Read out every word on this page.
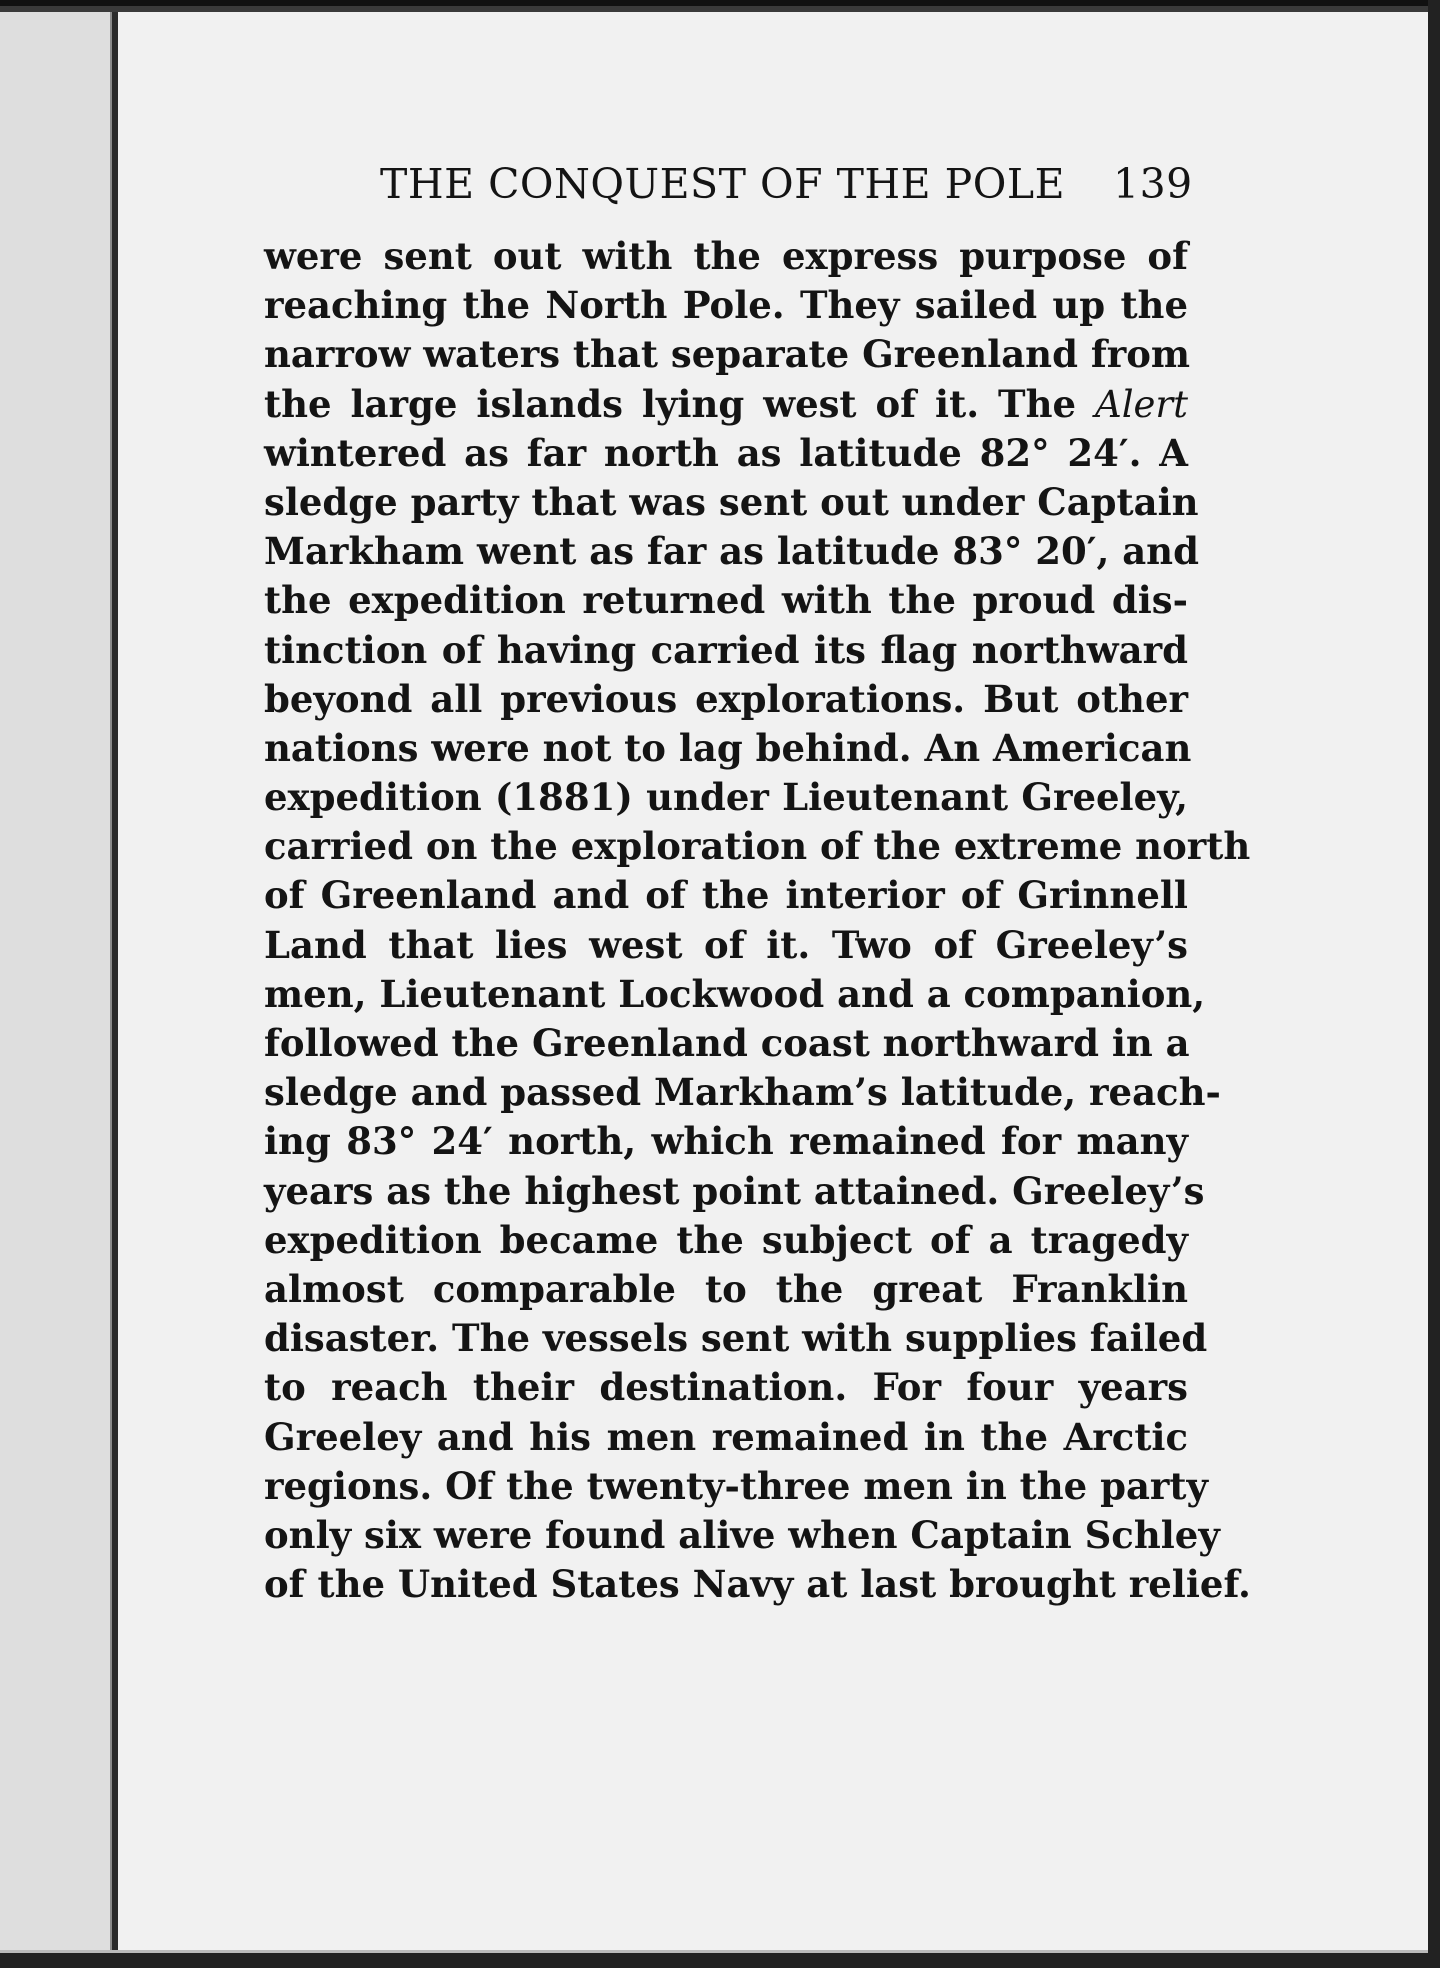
THE CONQUEST OF THE POLE 139
were sent out with the express purpose of
reaching the North Pole. They sailed up the
narrow waters that separate Greenland from
the large islands lying west of it. The Alert
wintered as far north as latitude 82° 24′. A
sledge party that was sent out under Captain
Markham went as far as latitude 83° 20′, and
the expedition returned with the proud dis-
tinction of having carried its flag northward
beyond all previous explorations. But other
nations were not to lag behind. An American
expedition (1881) under Lieutenant Greeley,
carried on the exploration of the extreme north
of Greenland and of the interior of Grinnell
Land that lies west of it. Two of Greeley’s
men, Lieutenant Lockwood and a companion,
followed the Greenland coast northward in a
sledge and passed Markham’s latitude, reach-
ing 83° 24′ north, which remained for many
years as the highest point attained. Greeley’s
expedition became the subject of a tragedy
almost comparable to the great Franklin
disaster. The vessels sent with supplies failed
to reach their destination. For four years
Greeley and his men remained in the Arctic
regions. Of the twenty-three men in the party
only six were found alive when Captain Schley
of the United States Navy at last brought relief.
